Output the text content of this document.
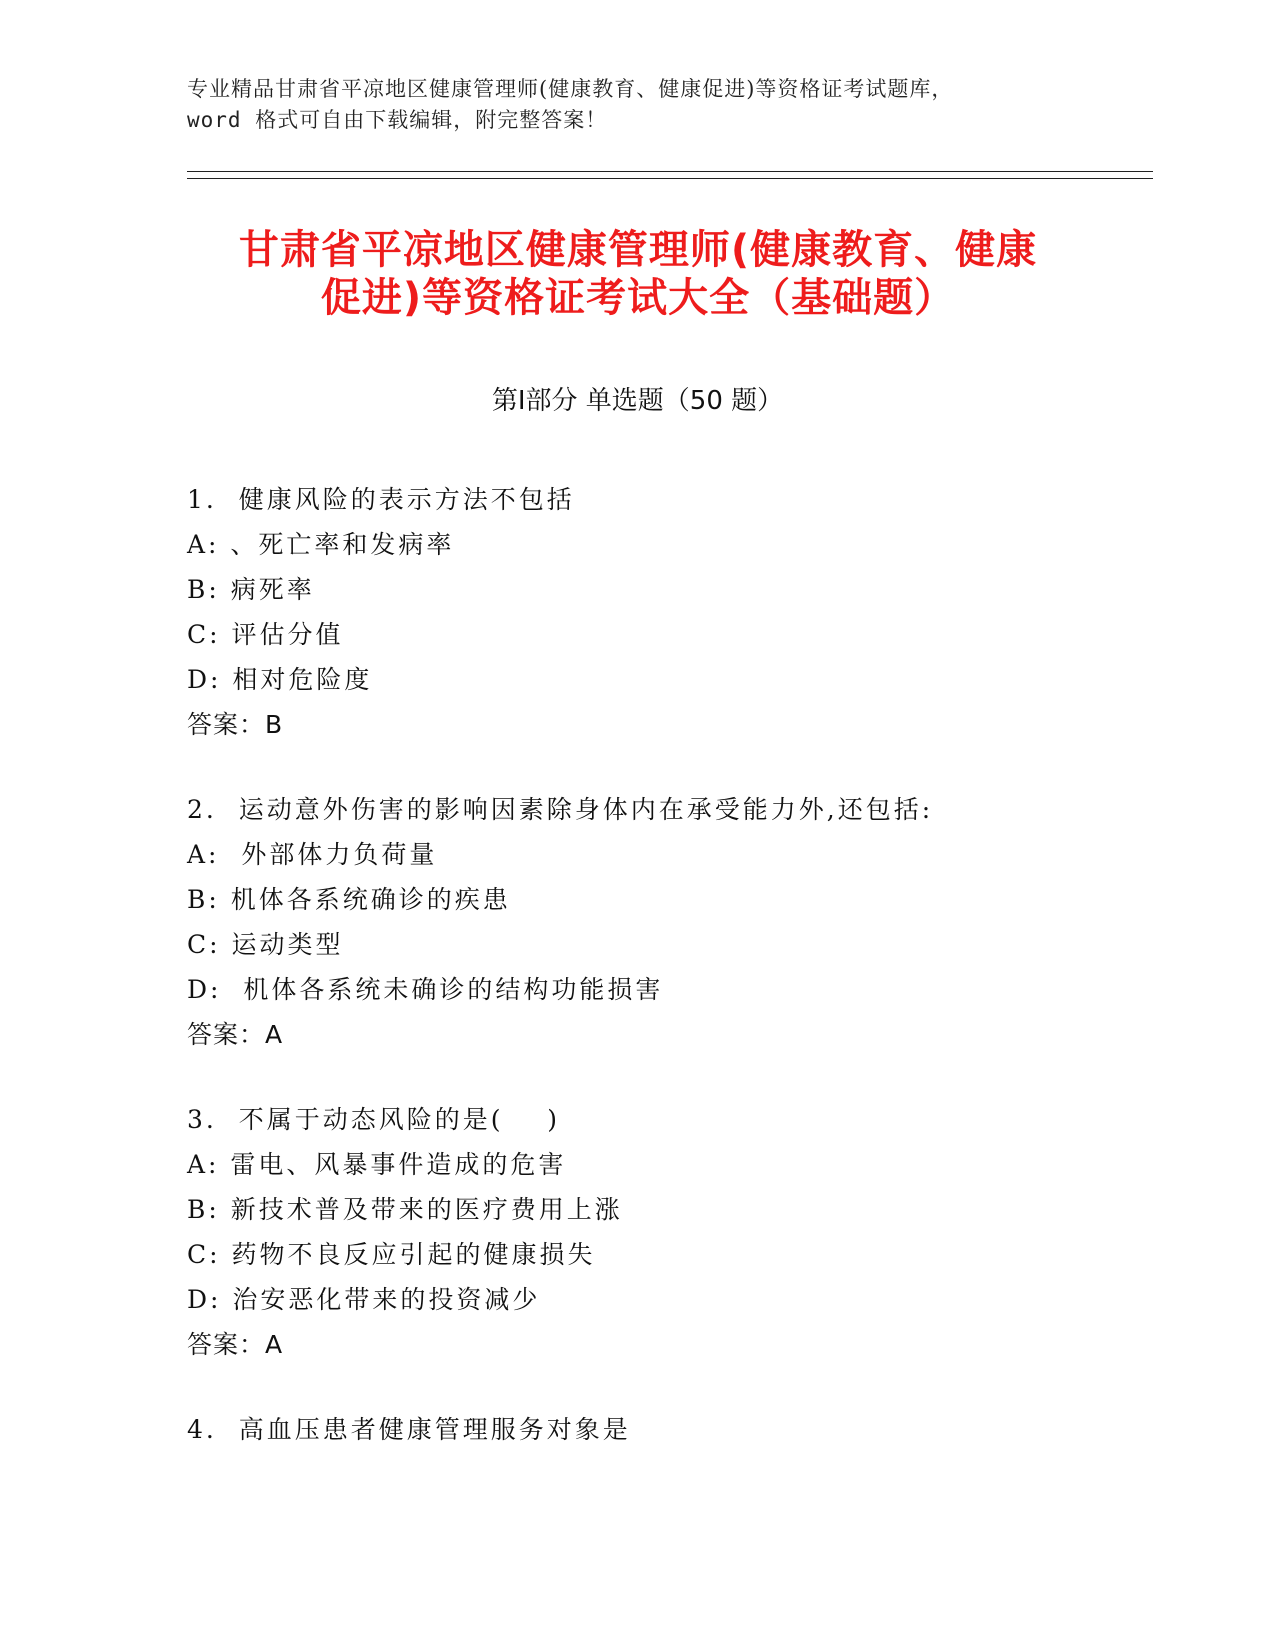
专业精品甘肃省平凉地区健康管理师(健康教育、健康促进)等资格证考试题库，
word 格式可自由下载编辑，附完整答案！
甘肃省平凉地区健康管理师(健康教育、健康
促进)等资格证考试大全（基础题）
第Ⅰ部分 单选题（50 题）
1.  健康风险的表示方法不包括
A: 、死亡率和发病率
B: 病死率
C: 评估分值
D: 相对危险度
答案：B
2.  运动意外伤害的影响因素除身体内在承受能力外,还包括:
A:  外部体力负荷量
B: 机体各系统确诊的疾患
C: 运动类型
D:  机体各系统未确诊的结构功能损害
答案：A
3.  不属于动态风险的是(    )
A: 雷电、风暴事件造成的危害
B: 新技术普及带来的医疗费用上涨
C: 药物不良反应引起的健康损失
D: 治安恶化带来的投资减少
答案：A
4.  高血压患者健康管理服务对象是
